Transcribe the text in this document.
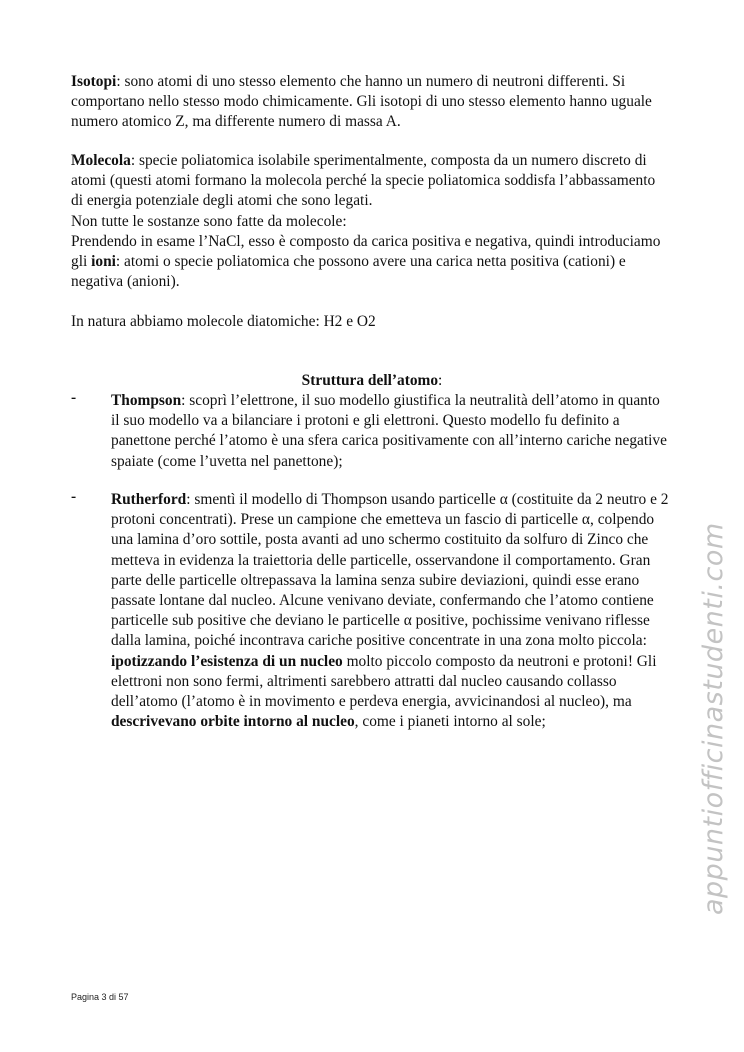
Isotopi: sono atomi di uno stesso elemento che hanno un numero di neutroni differenti. Si comportano nello stesso modo chimicamente. Gli isotopi di uno stesso elemento hanno uguale numero atomico Z, ma differente numero di massa A.
Molecola: specie poliatomica isolabile sperimentalmente, composta da un numero discreto di atomi (questi atomi formano la molecola perché la specie poliatomica soddisfa l’abbassamento di energia potenziale degli atomi che sono legati.
Non tutte le sostanze sono fatte da molecole:
Prendendo in esame l’NaCl, esso è composto da carica positiva e negativa, quindi introduciamo gli ioni: atomi o specie poliatomica che possono avere una carica netta positiva (cationi) e negativa (anioni).
In natura abbiamo molecole diatomiche: H2 e O2
Struttura dell’atomo:
- Thompson: scoprì l’elettrone, il suo modello giustifica la neutralità dell’atomo in quanto il suo modello va a bilanciare i protoni e gli elettroni. Questo modello fu definito a panettone perché l’atomo è una sfera carica positivamente con all’interno cariche negative spaiate (come l’uvetta nel panettone);
- Rutherford: smentì il modello di Thompson usando particelle α (costituite da 2 neutro e 2 protoni concentrati). Prese un campione che emetteva un fascio di particelle α, colpendo una lamina d’oro sottile, posta avanti ad uno schermo costituito da solfuro di Zinco che metteva in evidenza la traiettoria delle particelle, osservandone il comportamento. Gran parte delle particelle oltrepassava la lamina senza subire deviazioni, quindi esse erano passate lontane dal nucleo. Alcune venivano deviate, confermando che l’atomo contiene particelle sub positive che deviano le particelle α positive, pochissime venivano riflesse dalla lamina, poiché incontrava cariche positive concentrate in una zona molto piccola: ipotizzando l’esistenza di un nucleo molto piccolo composto da neutroni e protoni! Gli elettroni non sono fermi, altrimenti sarebbero attratti dal nucleo causando collasso dell’atomo (l’atomo è in movimento e perdeva energia, avvicinandosi al nucleo), ma descrivevano orbite intorno al nucleo, come i pianeti intorno al sole;	appuntiofficinastudenti.com
Pagina 3 di 57
